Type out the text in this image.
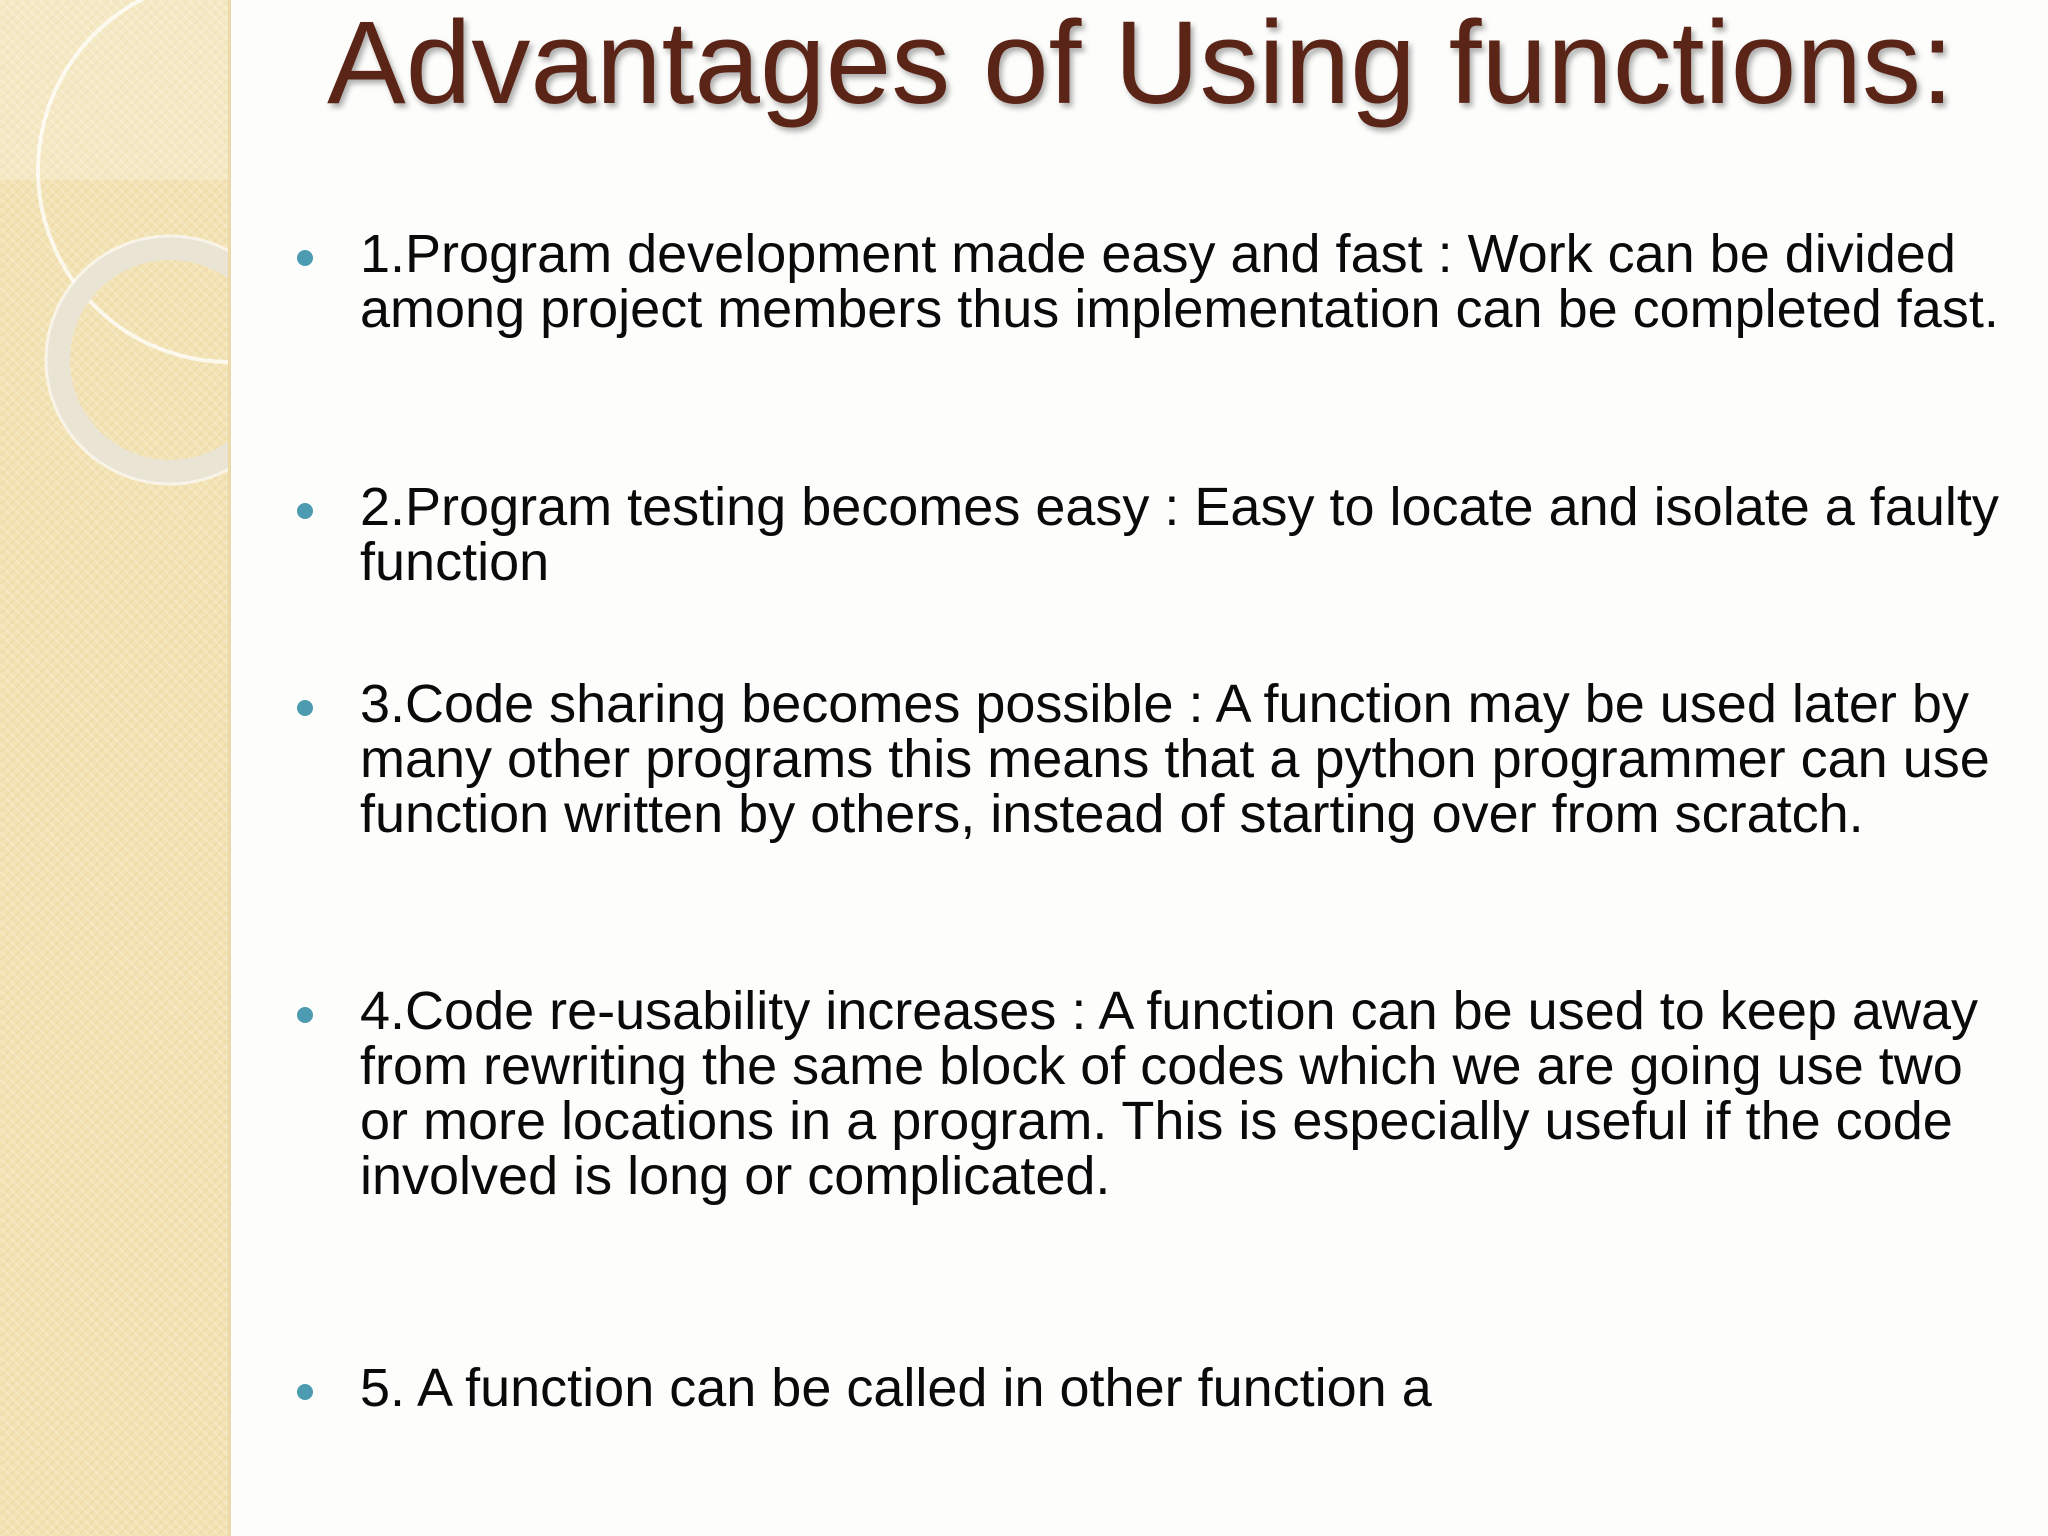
Advantages of Using functions:
1.Program development made easy and fast : Work can be divided among project members thus implementation can be completed fast.
2.Program testing becomes easy : Easy to locate and isolate a faulty function
3.Code sharing becomes possible : A function may be used later by many other programs this means that a python programmer can use function written by others, instead of starting over from scratch.
4.Code re-usability increases : A function can be used to keep away from rewriting the same block of codes which we are going use two or more locations in a program. This is especially useful if the code involved is long or complicated.
5. A function can be called in other function a
